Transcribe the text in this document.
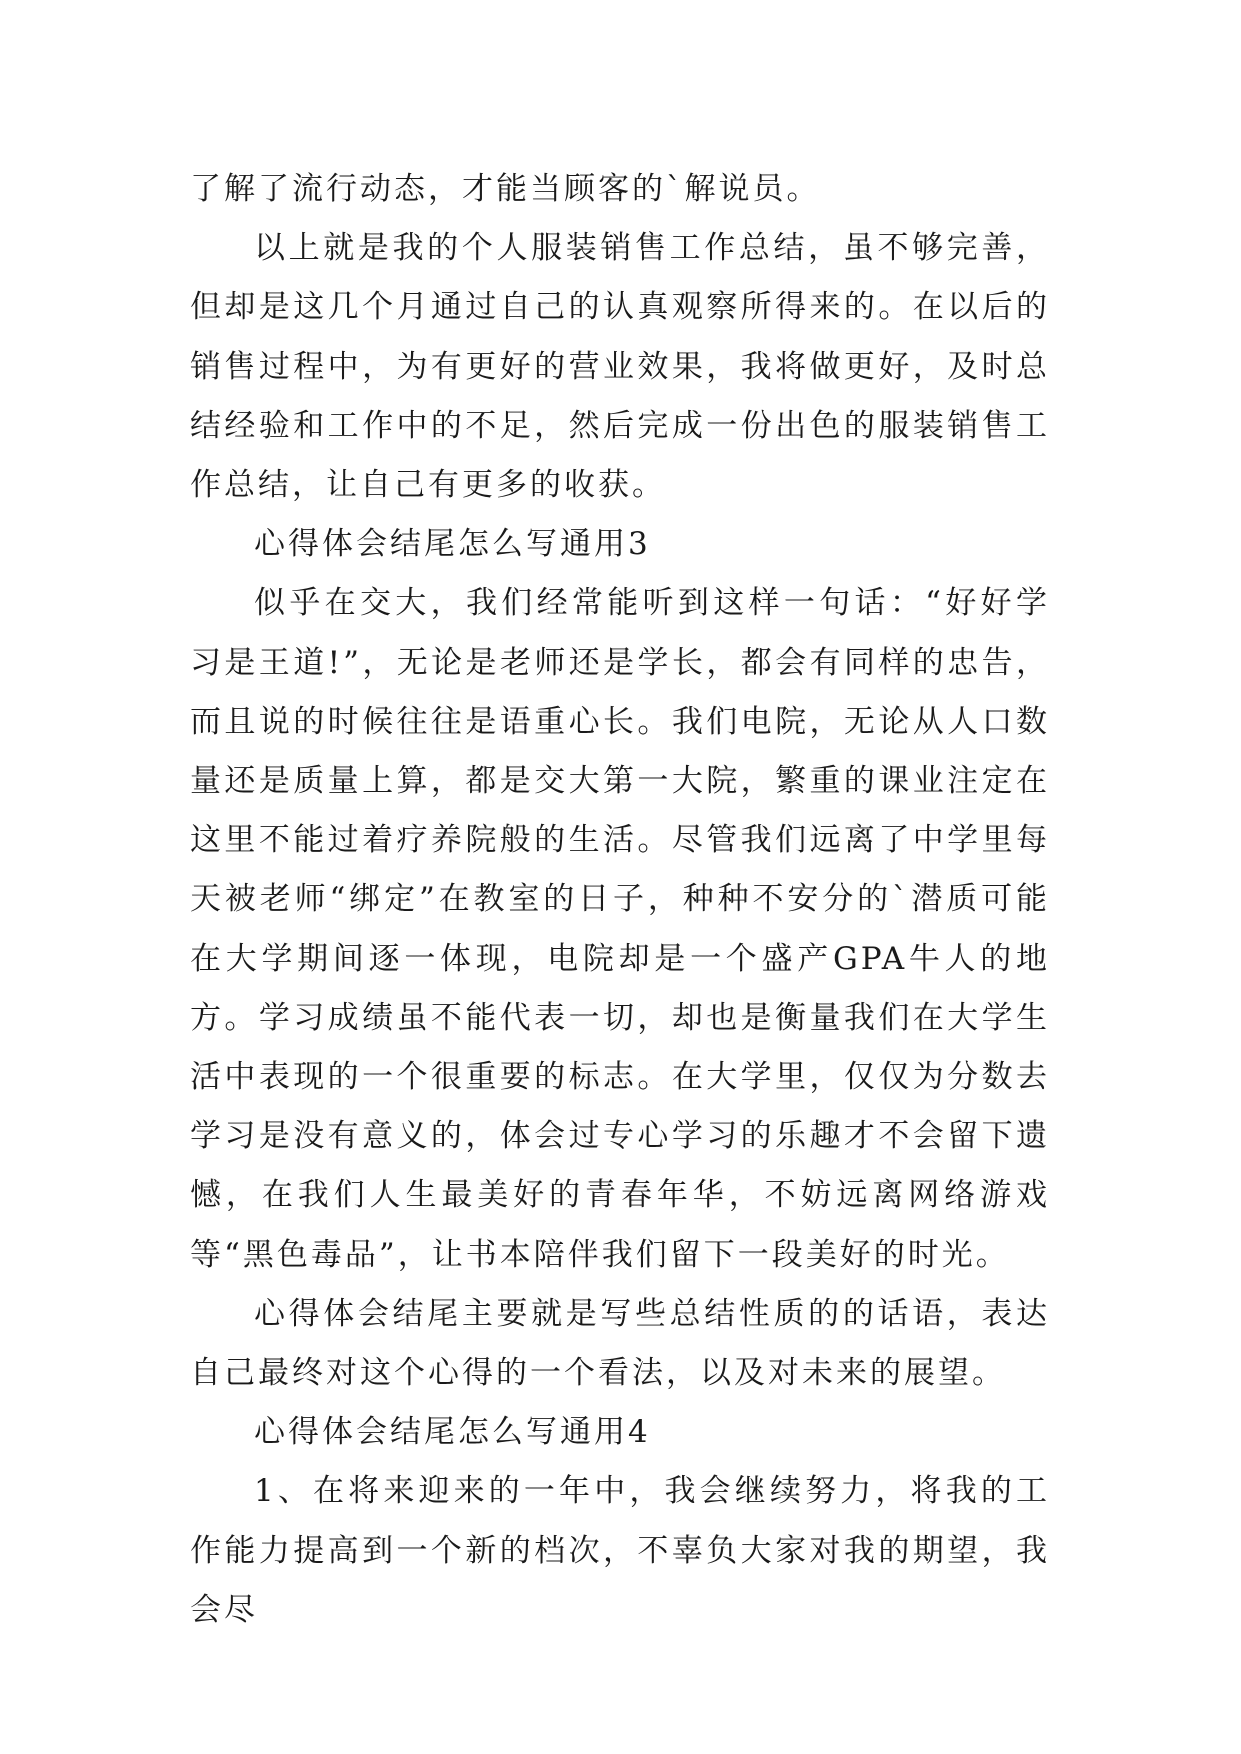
了解了流行动态，才能当顾客的`解说员。

以上就是我的个人服装销售工作总结，虽不够完善，但却是这几个月通过自己的认真观察所得来的。在以后的销售过程中，为有更好的营业效果，我将做更好，及时总结经验和工作中的不足，然后完成一份出色的服装销售工作总结，让自己有更多的收获。

心得体会结尾怎么写通用3

似乎在交大，我们经常能听到这样一句话：“好好学习是王道!”，无论是老师还是学长，都会有同样的忠告，而且说的时候往往是语重心长。我们电院，无论从人口数量还是质量上算，都是交大第一大院，繁重的课业注定在这里不能过着疗养院般的生活。尽管我们远离了中学里每天被老师“绑定”在教室的日子，种种不安分的`潜质可能在大学期间逐一体现，电院却是一个盛产GPA牛人的地方。学习成绩虽不能代表一切，却也是衡量我们在大学生活中表现的一个很重要的标志。在大学里，仅仅为分数去学习是没有意义的，体会过专心学习的乐趣才不会留下遗憾，在我们人生最美好的青春年华，不妨远离网络游戏等“黑色毒品”，让书本陪伴我们留下一段美好的时光。

心得体会结尾主要就是写些总结性质的的话语，表达自己最终对这个心得的一个看法，以及对未来的展望。

心得体会结尾怎么写通用4

1、在将来迎来的一年中，我会继续努力，将我的工作能力提高到一个新的档次，不辜负大家对我的期望，我会尽
